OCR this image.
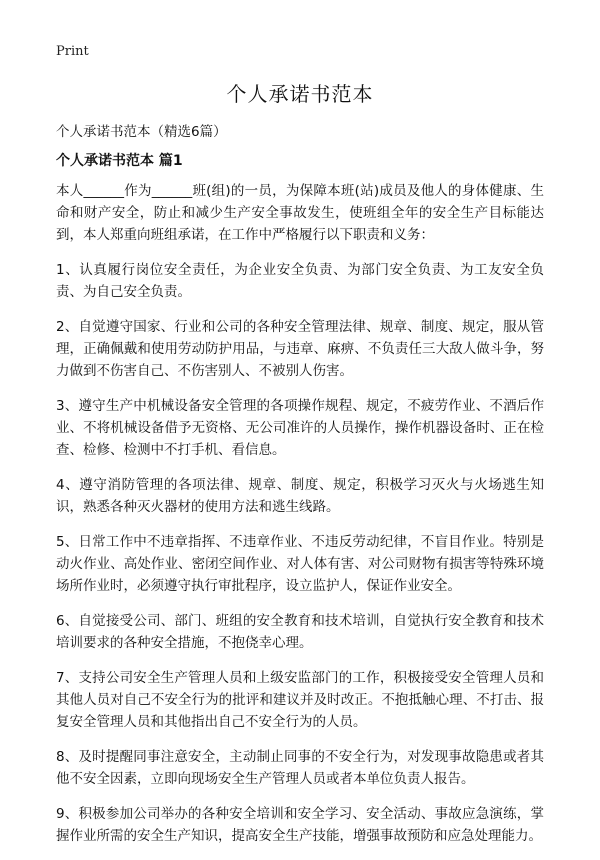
Print
个人承诺书范本
个人承诺书范本（精选6篇）
个人承诺书范本 篇1

本人______作为______班(组)的一员，为保障本班(站)成员及他人的身体健康、生命和财产安全，防止和减少生产安全事故发生，使班组全年的安全生产目标能达到，本人郑重向班组承诺，在工作中严格履行以下职责和义务：

1、认真履行岗位安全责任，为企业安全负责、为部门安全负责、为工友安全负责、为自己安全负责。

2、自觉遵守国家、行业和公司的各种安全管理法律、规章、制度、规定，服从管理，正确佩戴和使用劳动防护用品，与违章、麻痹、不负责任三大敌人做斗争，努力做到不伤害自己、不伤害别人、不被别人伤害。

3、遵守生产中机械设备安全管理的各项操作规程、规定，不疲劳作业、不酒后作业、不将机械设备借予无资格、无公司准许的人员操作，操作机器设备时、正在检查、检修、检测中不打手机、看信息。

4、遵守消防管理的各项法律、规章、制度、规定，积极学习灭火与火场逃生知识，熟悉各种灭火器材的使用方法和逃生线路。

5、日常工作中不违章指挥、不违章作业、不违反劳动纪律，不盲目作业。特别是动火作业、高处作业、密闭空间作业、对人体有害、对公司财物有损害等特殊环境场所作业时，必须遵守执行审批程序，设立监护人，保证作业安全。

6、自觉接受公司、部门、班组的安全教育和技术培训，自觉执行安全教育和技术培训要求的各种安全措施，不抱侥幸心理。

7、支持公司安全生产管理人员和上级安监部门的工作，积极接受安全管理人员和其他人员对自己不安全行为的批评和建议并及时改正。不抱抵触心理、不打击、报复安全管理人员和其他指出自己不安全行为的人员。

8、及时提醒同事注意安全，主动制止同事的不安全行为，对发现事故隐患或者其他不安全因素，立即向现场安全生产管理人员或者本单位负责人报告。

9、积极参加公司举办的各种安全培训和安全学习、安全活动、事故应急演练，掌握作业所需的安全生产知识，提高安全生产技能，增强事故预防和应急处理能力。
